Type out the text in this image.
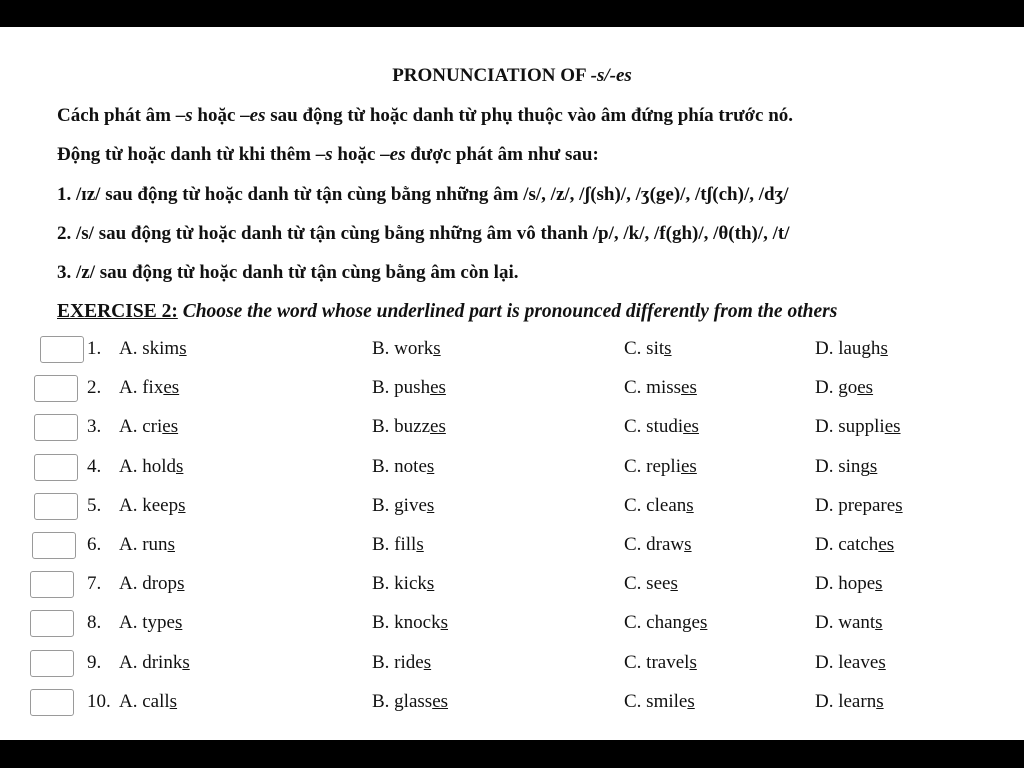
PRONUNCIATION OF -s/-es
Cách phát âm –s hoặc –es sau động từ hoặc danh từ phụ thuộc vào âm đứng phía trước nó.
Động từ hoặc danh từ khi thêm –s hoặc –es được phát âm như sau:
1. /ɪz/ sau động từ hoặc danh từ tận cùng bằng những âm /s/, /z/, /ʃ(sh)/, /ʒ(ge)/, /tʃ(ch)/, /dʒ/
2. /s/ sau động từ hoặc danh từ tận cùng bằng những âm vô thanh /p/, /k/, /f(gh)/, /θ(th)/, /t/
3. /z/ sau động từ hoặc danh từ tận cùng bằng âm còn lại.
EXERCISE 2: Choose the word whose underlined part is pronounced differently from the others
1. A. skims	B. works	C. sits	D. laughs
2. A. fixes	B. pushes	C. misses	D. goes
3. A. cries	B. buzzes	C. studies	D. supplies
4. A. holds	B. notes	C. replies	D. sings
5. A. keeps	B. gives	C. cleans	D. prepares
6. A. runs	B. fills	C. draws	D. catches
7. A. drops	B. kicks	C. sees	D. hopes
8. A. types	B. knocks	C. changes	D. wants
9. A. drinks	B. rides	C. travels	D. leaves
10. A. calls	B. glasses	C. smiles	D. learns
